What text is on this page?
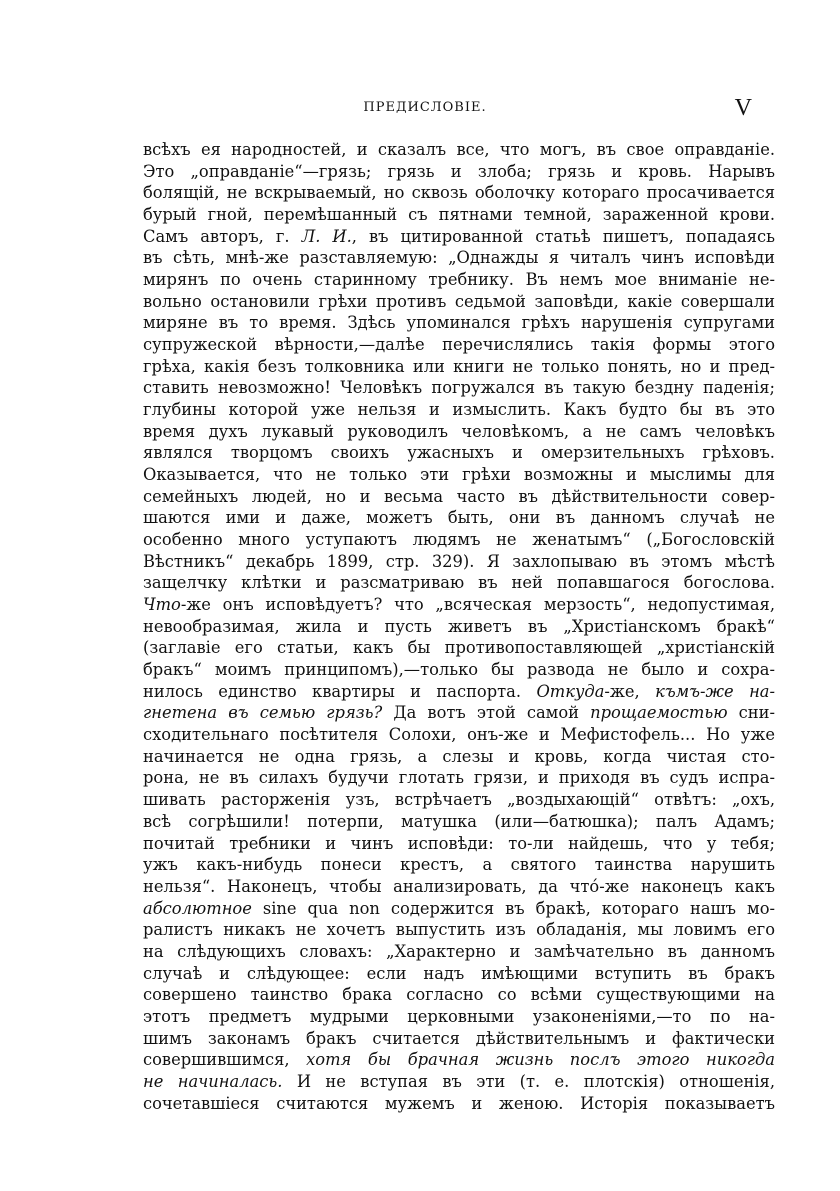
ПРЕДИСЛОВІЕ.	V
всѣхъ ея народностей, и сказалъ все, что могъ, въ свое оправданіе.
Это „оправданіе“—грязь; грязь и злоба; грязь и кровь. Нарывъ
болящій, не вскрываемый, но сквозь оболочку котораго просачивается
бурый гной, перемѣшанный съ пятнами темной, зараженной крови.
Самъ авторъ, г. Л. И., въ цитированной статьѣ пишетъ, попадаясь
въ сѣть, мнѣ-же разставляемую: „Однажды я читалъ чинъ исповѣди
мирянъ по очень старинному требнику. Въ немъ мое вниманіе не-
вольно остановили грѣхи противъ седьмой заповѣди, какіе совершали
миряне въ то время. Здѣсь упоминался грѣхъ нарушенія супругами
супружеской вѣрности,—далѣе перечислялись такія формы этого
грѣха, какія безъ толковника или книги не только понять, но и пред-
ставить невозможно! Человѣкъ погружался въ такую бездну паденія;
глубины которой уже нельзя и измыслить. Какъ будто бы въ это
время духъ лукавый руководилъ человѣкомъ, а не самъ человѣкъ
являлся творцомъ своихъ ужасныхъ и омерзительныхъ грѣховъ.
Оказывается, что не только эти грѣхи возможны и мыслимы для
семейныхъ людей, но и весьма часто въ дѣйствительности совер-
шаются ими и даже, можетъ быть, они въ данномъ случаѣ не
особенно много уступаютъ людямъ не женатымъ“ („Богословскій
Вѣстникъ“ декабрь 1899, стр. 329). Я захлопываю въ этомъ мѣстѣ
защелчку клѣтки и разсматриваю въ ней попавшагося богослова.
Что-же онъ исповѣдуетъ? что „всяческая мерзость“, недопустимая,
невообразимая, жила и пусть живетъ въ „Христіанскомъ бракѣ“
(заглавіе его статьи, какъ бы противопоставляющей „христіанскій
бракъ“ моимъ принципомъ),—только бы развода не было и сохра-
нилось единство квартиры и паспорта. Откуда-же, къмъ-же на-
гнетена въ семью грязь? Да вотъ этой самой прощаемостью сни-
сходительнаго посѣтителя Солохи, онъ-же и Мефистофель... Но уже
начинается не одна грязь, а слезы и кровь, когда чистая сто-
рона, не въ силахъ будучи глотать грязи, и приходя въ судъ испра-
шивать расторженія узъ, встрѣчаетъ „воздыхающій“ отвѣтъ: „охъ,
всѣ согрѣшили! потерпи, матушка (или—батюшка); палъ Адамъ;
почитай требники и чинъ исповѣди: то-ли найдешь, что у тебя;
ужъ какъ-нибудь понеси крестъ, а святого таинства нарушить
нельзя“. Наконецъ, чтобы анализировать, да что́-же наконецъ какъ
абсолютное sine qua non содержится въ бракѣ, котораго нашъ мо-
ралистъ никакъ не хочетъ выпустить изъ обладанія, мы ловимъ его
на слѣдующихъ словахъ: „Характерно и замѣчательно въ данномъ
случаѣ и слѣдующее: если надъ имѣющими вступить въ бракъ
совершено таинство брака согласно со всѣми существующими на
этотъ предметъ мудрыми церковными узаконеніями,—то по на-
шимъ законамъ бракъ считается дѣйствительнымъ и фактически
совершившимся, хотя бы брачная жизнь послъ этого никогда
не начиналась. И не вступая въ эти (т. е. плотскія) отношенія,
сочетавшіеся считаются мужемъ и женою. Исторія показываетъ
